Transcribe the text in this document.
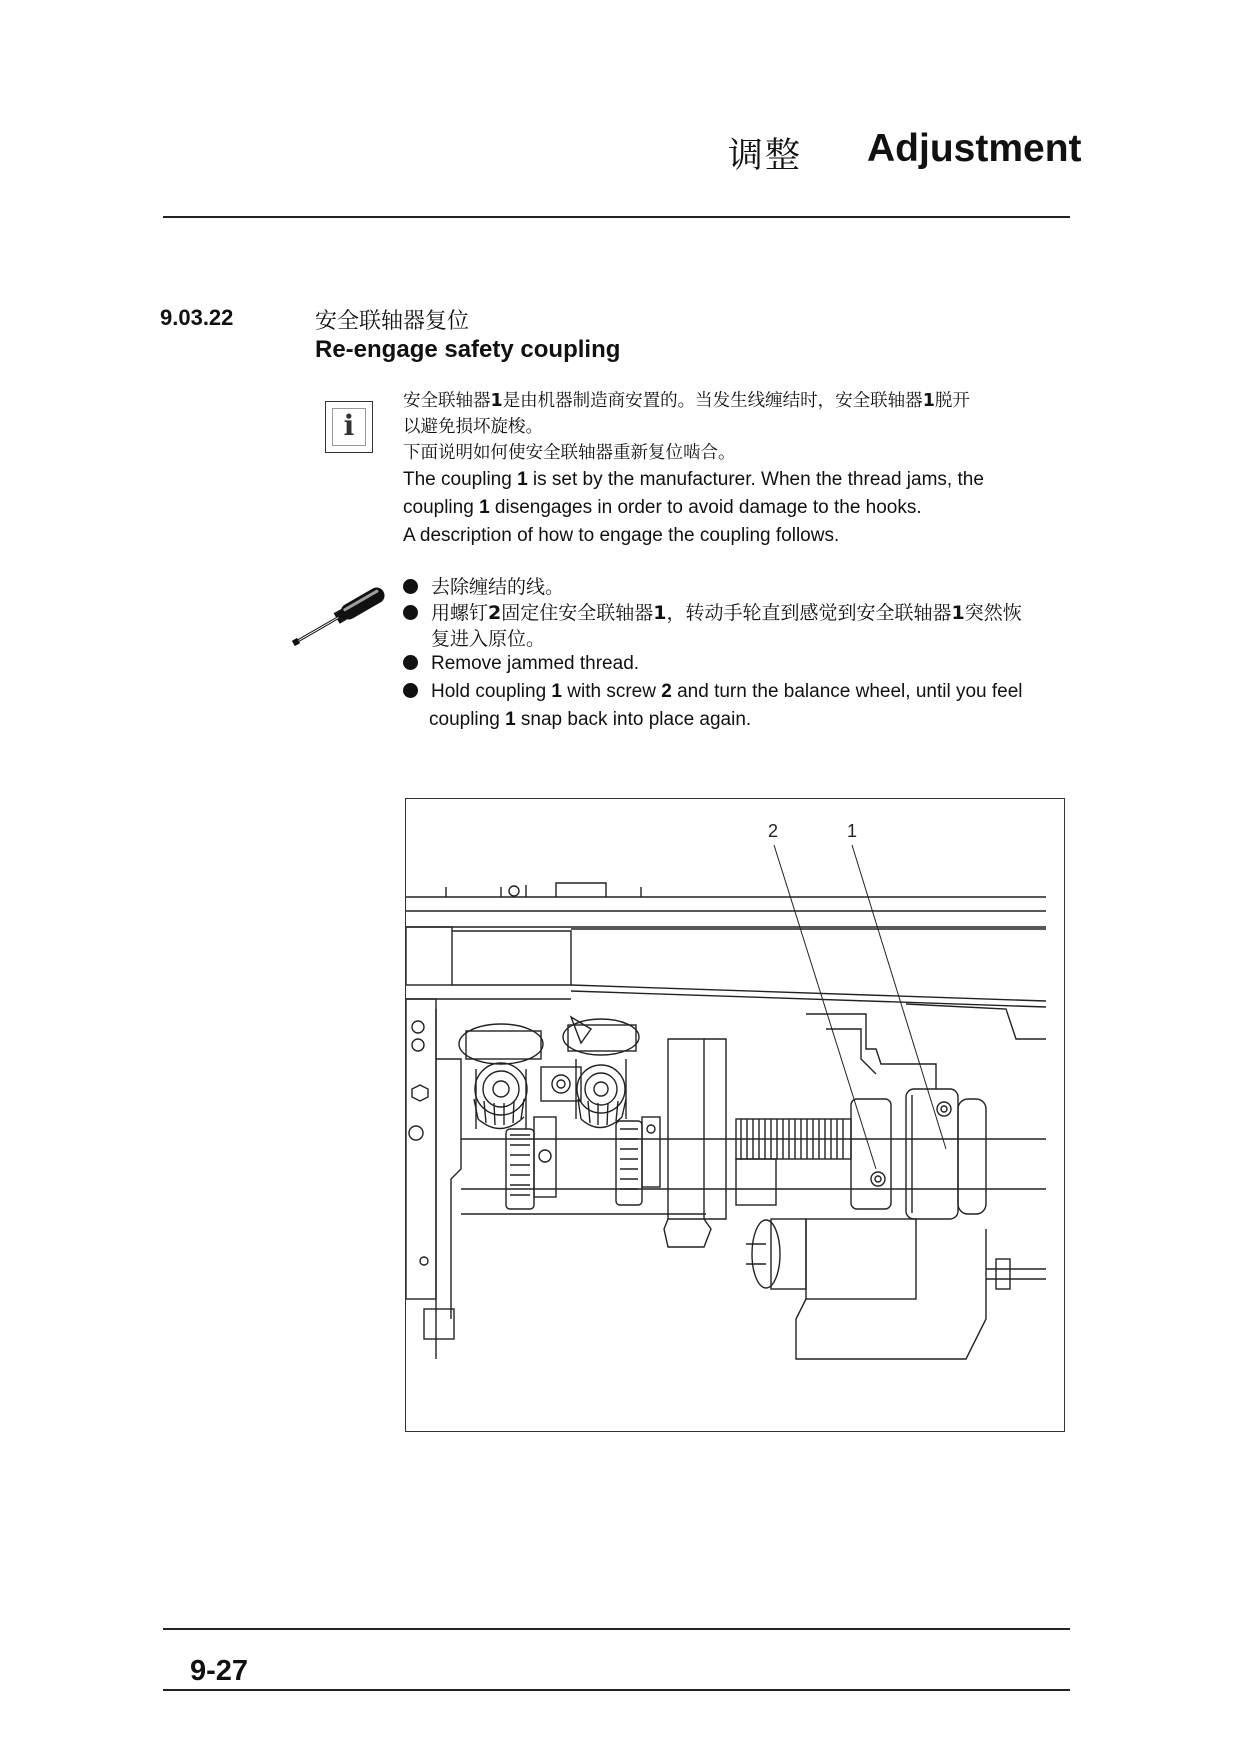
调整 Adjustment
9.03.22	安全联轴器复位
Re-engage safety coupling
i
安全联轴器1是由机器制造商安置的。当发生线缠结时，安全联轴器1脱开
以避免损坏旋梭。
下面说明如何使安全联轴器重新复位啮合。
The coupling 1 is set by the manufacturer. When the thread jams, the
coupling 1 disengages in order to avoid damage to the hooks.
A description of how to engage the coupling follows.
去除缠结的线。
用螺钉2固定住安全联轴器1，转动手轮直到感觉到安全联轴器1突然恢
复进入原位。
Remove jammed thread.
Hold coupling 1 with screw 2 and turn the balance wheel, until you feel
coupling 1 snap back into place again.
2	1
9-27
